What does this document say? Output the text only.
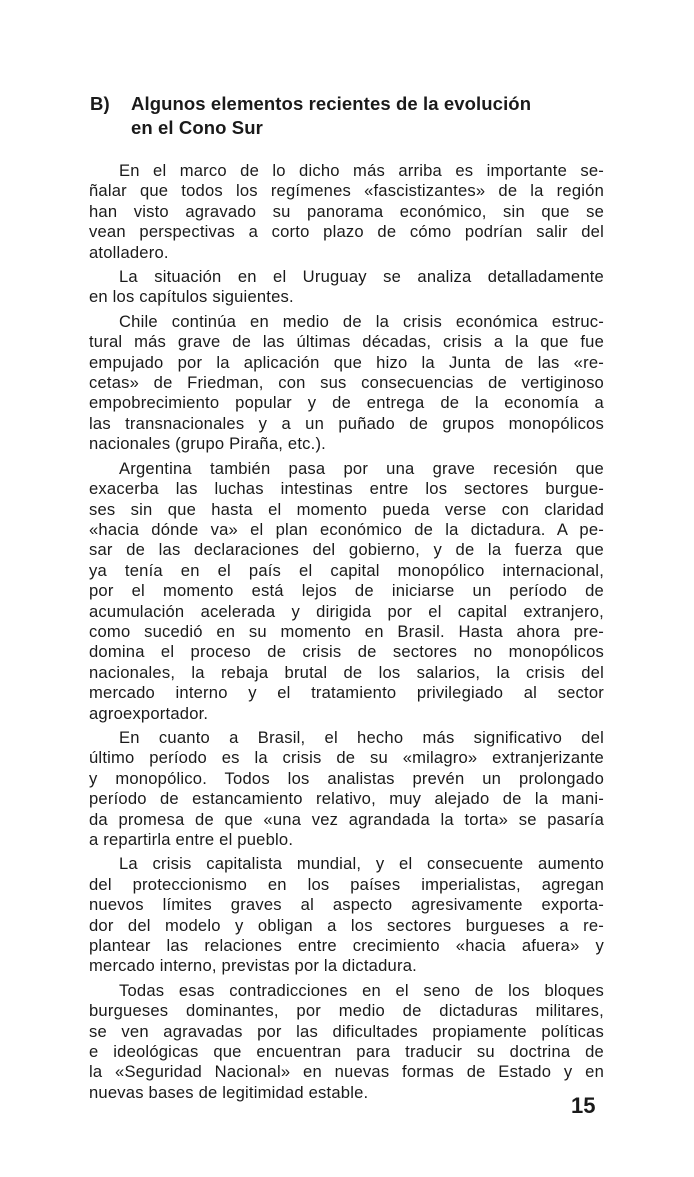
B) Algunos elementos recientes de la evolución
en el Cono Sur
En el marco de lo dicho más arriba es importante se-
ñalar que todos los regímenes «fascistizantes» de la región
han visto agravado su panorama económico, sin que se
vean perspectivas a corto plazo de cómo podrían salir del
atolladero.
La situación en el Uruguay se analiza detalladamente
en los capítulos siguientes.
Chile continúa en medio de la crisis económica estruc-
tural más grave de las últimas décadas, crisis a la que fue
empujado por la aplicación que hizo la Junta de las «re-
cetas» de Friedman, con sus consecuencias de vertiginoso
empobrecimiento popular y de entrega de la economía a
las transnacionales y a un puñado de grupos monopólicos
nacionales (grupo Piraña, etc.).
Argentina también pasa por una grave recesión que
exacerba las luchas intestinas entre los sectores burgue-
ses sin que hasta el momento pueda verse con claridad
«hacia dónde va» el plan económico de la dictadura. A pe-
sar de las declaraciones del gobierno, y de la fuerza que
ya tenía en el país el capital monopólico internacional,
por el momento está lejos de iniciarse un período de
acumulación acelerada y dirigida por el capital extranjero,
como sucedió en su momento en Brasil. Hasta ahora pre-
domina el proceso de crisis de sectores no monopólicos
nacionales, la rebaja brutal de los salarios, la crisis del
mercado interno y el tratamiento privilegiado al sector
agroexportador.
En cuanto a Brasil, el hecho más significativo del
último período es la crisis de su «milagro» extranjerizante
y monopólico. Todos los analistas prevén un prolongado
período de estancamiento relativo, muy alejado de la mani-
da promesa de que «una vez agrandada la torta» se pasaría
a repartirla entre el pueblo.
La crisis capitalista mundial, y el consecuente aumento
del proteccionismo en los países imperialistas, agregan
nuevos límites graves al aspecto agresivamente exporta-
dor del modelo y obligan a los sectores burgueses a re-
plantear las relaciones entre crecimiento «hacia afuera» y
mercado interno, previstas por la dictadura.
Todas esas contradicciones en el seno de los bloques
burgueses dominantes, por medio de dictaduras militares,
se ven agravadas por las dificultades propiamente políticas
e ideológicas que encuentran para traducir su doctrina de
la «Seguridad Nacional» en nuevas formas de Estado y en
nuevas bases de legitimidad estable.
15
